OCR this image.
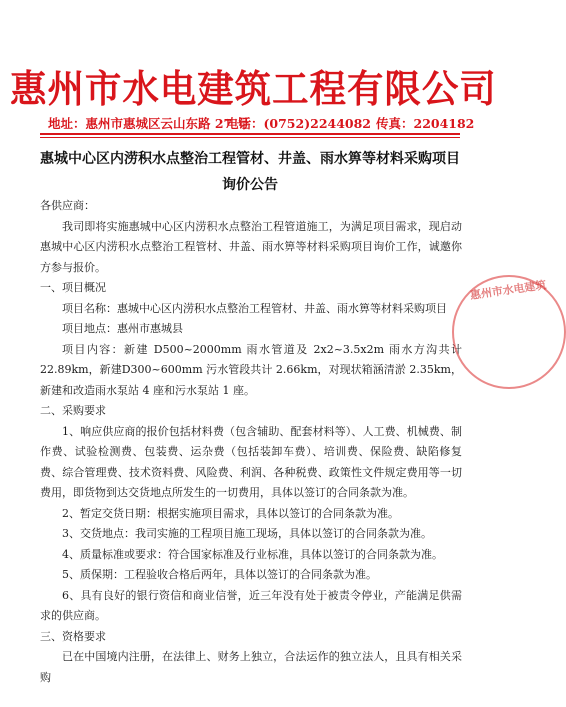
惠州市水电建筑工程有限公司
地址：惠州市惠城区云山东路 27 号电话：(0752)2244082 传真：2204182
惠城中心区内涝积水点整治工程管材、井盖、雨水箅等材料采购项目询价公告

各供应商：

我司即将实施惠城中心区内涝积水点整治工程管道施工，为满足项目需求，现启动惠城中心区内涝积水点整治工程管材、井盖、雨水箅等材料采购项目询价工作，诚邀你方参与报价。

一、项目概况

项目名称：惠城中心区内涝积水点整治工程管材、井盖、雨水箅等材料采购项目

项目地点：惠州市惠城县

项目内容：新建 D500~2000mm 雨水管道及 2x2~3.5x2m 雨水方沟共计 22.89km，新建D300~600mm 污水管段共计 2.66km，对现状箱涵清淤 2.35km，新建和改造雨水泵站 4 座和污水泵站 1 座。

二、采购要求

1、响应供应商的报价包括材料费（包含辅助、配套材料等）、人工费、机械费、制作费、试验检测费、包装费、运杂费（包括装卸车费）、培训费、保险费、缺陷修复费、综合管理费、技术资料费、风险费、利润、各种税费、政策性文件规定费用等一切费用，即货物到达交货地点所发生的一切费用，具体以签订的合同条款为准。

2、暂定交货日期：根据实施项目需求，具体以签订的合同条款为准。

3、交货地点：我司实施的工程项目施工现场，具体以签订的合同条款为准。

4、质量标准或要求：符合国家标准及行业标准，具体以签订的合同条款为准。

5、质保期：工程验收合格后两年，具体以签订的合同条款为准。

6、具有良好的银行资信和商业信誉，近三年没有处于被责令停业，产能满足供需求的供应商。

三、资格要求

已在中国境内注册，在法律上、财务上独立，合法运作的独立法人，且具有相关采购

惠州市水电建筑
